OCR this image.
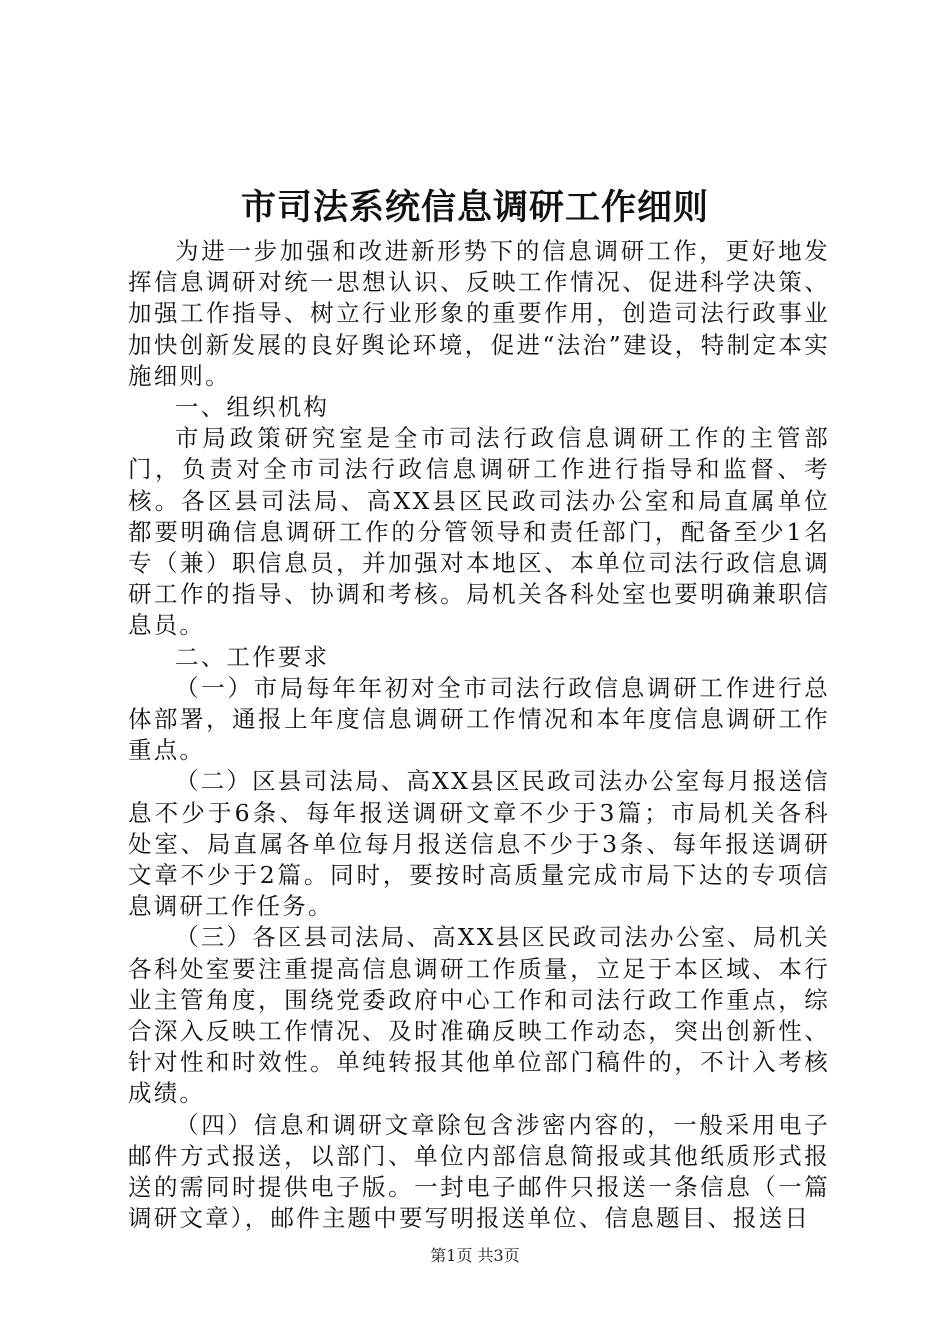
市司法系统信息调研工作细则

为进一步加强和改进新形势下的信息调研工作，更好地发挥信息调研对统一思想认识、反映工作情况、促进科学决策、加强工作指导、树立行业形象的重要作用，创造司法行政事业加快创新发展的良好舆论环境，促进“法治”建设，特制定本实施细则。

一、组织机构

市局政策研究室是全市司法行政信息调研工作的主管部门，负责对全市司法行政信息调研工作进行指导和监督、考核。各区县司法局、高XX县区民政司法办公室和局直属单位都要明确信息调研工作的分管领导和责任部门，配备至少1名专（兼）职信息员，并加强对本地区、本单位司法行政信息调研工作的指导、协调和考核。局机关各科处室也要明确兼职信息员。

二、工作要求

（一）市局每年年初对全市司法行政信息调研工作进行总体部署，通报上年度信息调研工作情况和本年度信息调研工作重点。

（二）区县司法局、高XX县区民政司法办公室每月报送信息不少于6条、每年报送调研文章不少于3篇；市局机关各科处室、局直属各单位每月报送信息不少于3条、每年报送调研文章不少于2篇。同时，要按时高质量完成市局下达的专项信息调研工作任务。

（三）各区县司法局、高XX县区民政司法办公室、局机关各科处室要注重提高信息调研工作质量，立足于本区域、本行业主管角度，围绕党委政府中心工作和司法行政工作重点，综合深入反映工作情况、及时准确反映工作动态，突出创新性、针对性和时效性。单纯转报其他单位部门稿件的，不计入考核成绩。

（四）信息和调研文章除包含涉密内容的，一般采用电子邮件方式报送，以部门、单位内部信息简报或其他纸质形式报送的需同时提供电子版。一封电子邮件只报送一条信息（一篇调研文章），邮件主题中要写明报送单位、信息题目、报送日

第1页 共3页
